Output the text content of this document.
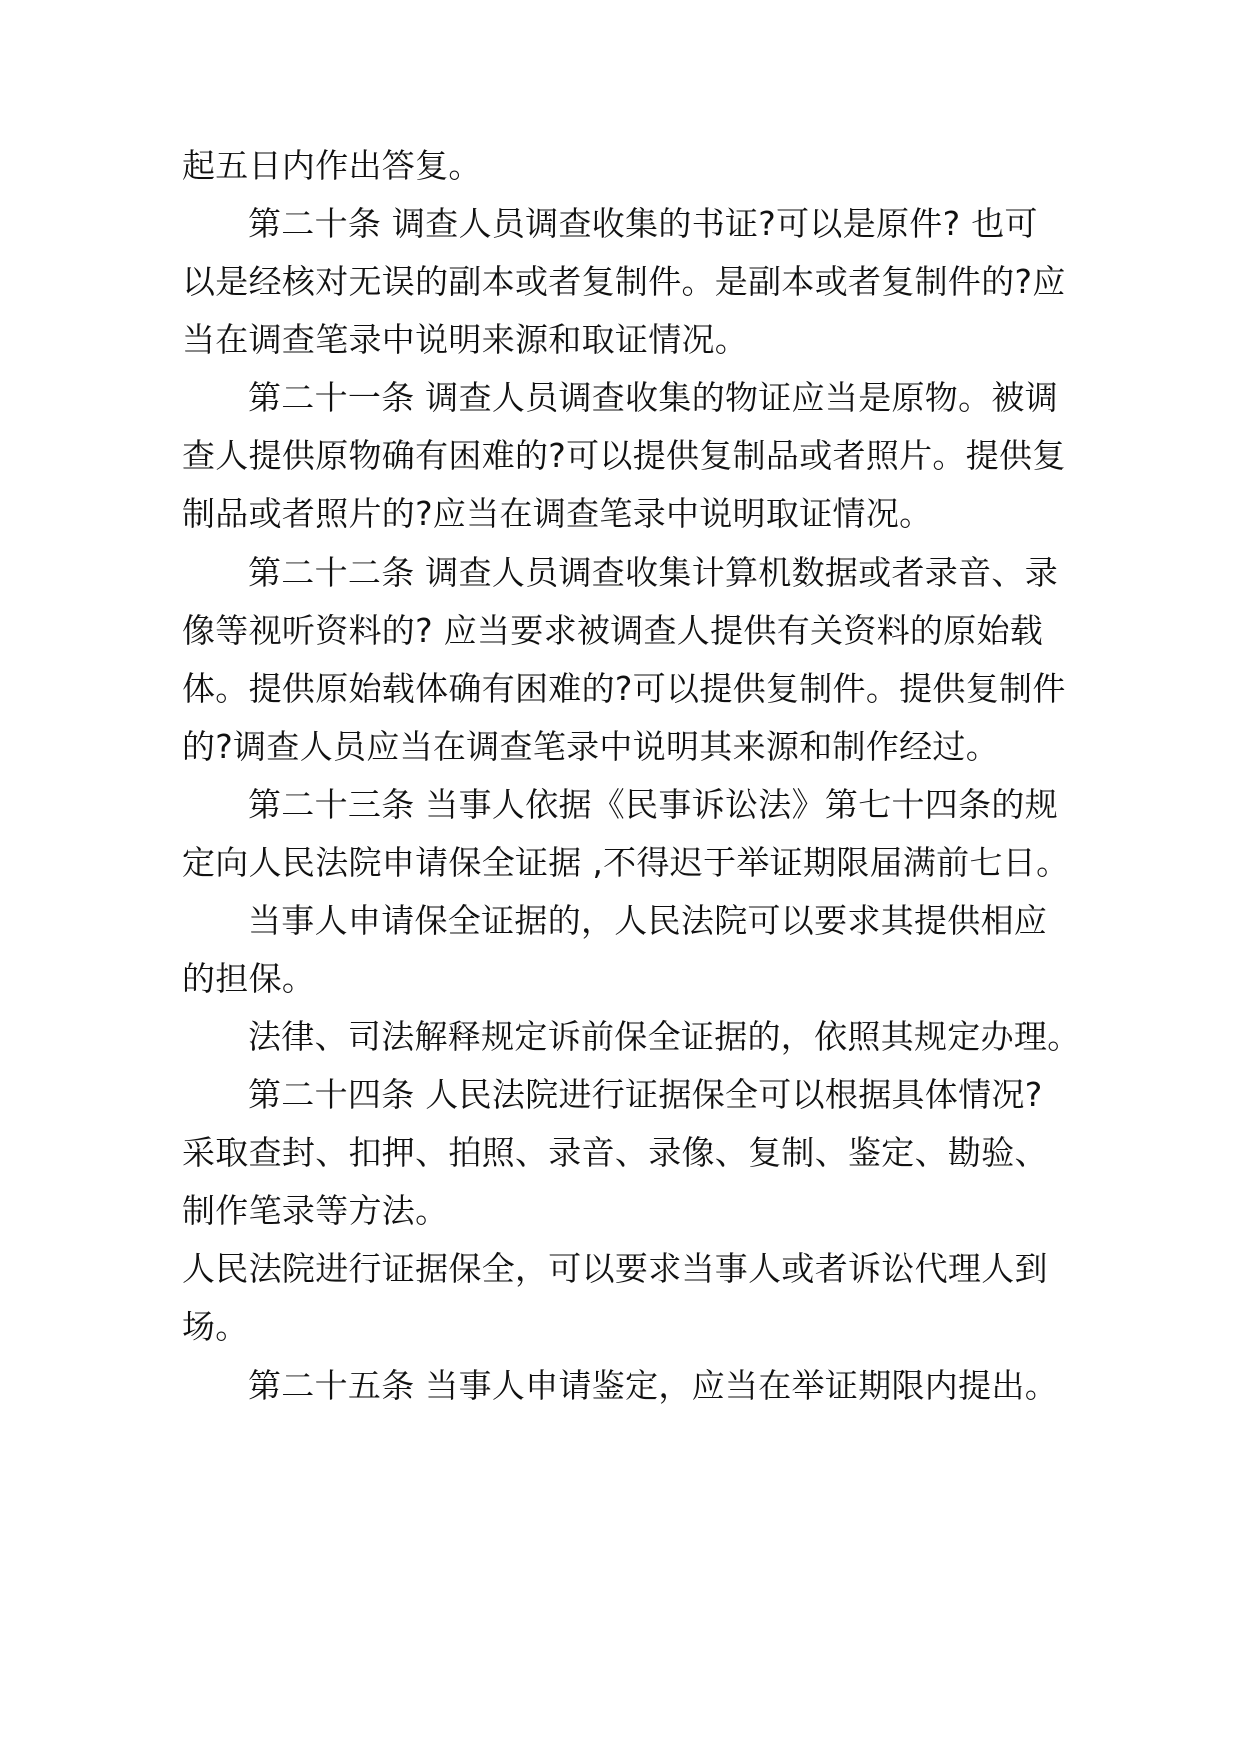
起五日内作出答复。
第二十条 调查人员调查收集的书证?可以是原件? 也可
以是经核对无误的副本或者复制件。是副本或者复制件的?应
当在调查笔录中说明来源和取证情况。
第二十一条 调查人员调查收集的物证应当是原物。被调
查人提供原物确有困难的?可以提供复制品或者照片。提供复
制品或者照片的?应当在调查笔录中说明取证情况。
第二十二条 调查人员调查收集计算机数据或者录音、录
像等视听资料的? 应当要求被调查人提供有关资料的原始载
体。提供原始载体确有困难的?可以提供复制件。提供复制件
的?调查人员应当在调查笔录中说明其来源和制作经过。
第二十三条 当事人依据《民事诉讼法》第七十四条的规
定向人民法院申请保全证据 ,不得迟于举证期限届满前七日。
当事人申请保全证据的，人民法院可以要求其提供相应
的担保。
法律、司法解释规定诉前保全证据的，依照其规定办理。
第二十四条 人民法院进行证据保全可以根据具体情况?
采取查封、扣押、拍照、录音、录像、复制、鉴定、勘验、
制作笔录等方法。
人民法院进行证据保全，可以要求当事人或者诉讼代理人到
场。
第二十五条 当事人申请鉴定，应当在举证期限内提出。
